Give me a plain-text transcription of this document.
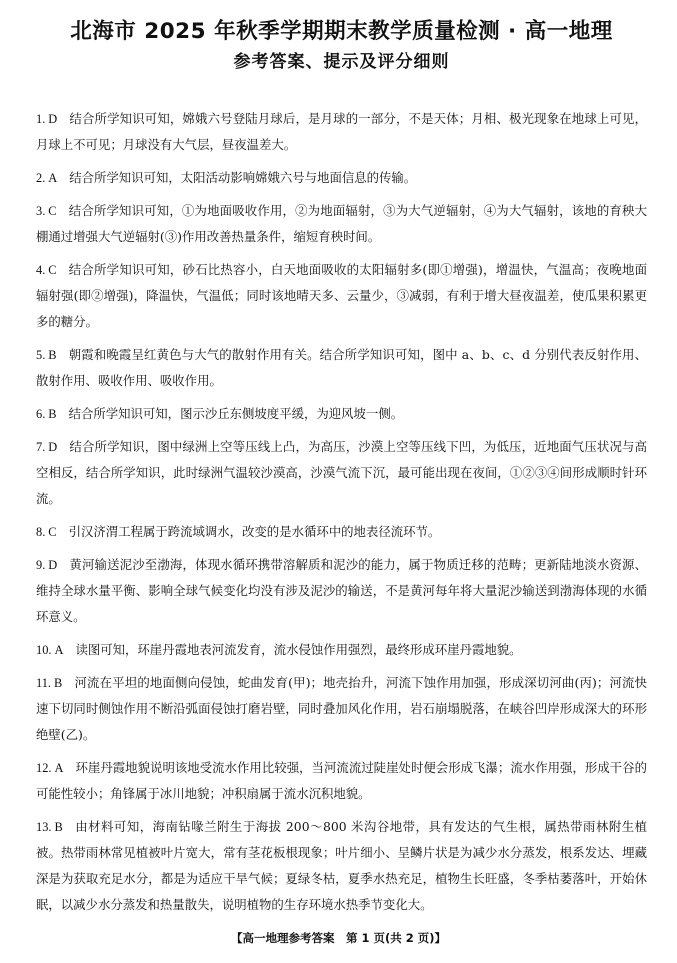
北海市 2025 年秋季学期期末教学质量检测 · 高一地理
参考答案、提示及评分细则

1. D 结合所学知识可知，嫦娥六号登陆月球后，是月球的一部分，不是天体；月相、极光现象在地球上可见，月球上不可见；月球没有大气层，昼夜温差大。

2. A 结合所学知识可知，太阳活动影响嫦娥六号与地面信息的传输。

3. C 结合所学知识可知，①为地面吸收作用，②为地面辐射，③为大气逆辐射，④为大气辐射，该地的育秧大棚通过增强大气逆辐射(③)作用改善热量条件，缩短育秧时间。

4. C 结合所学知识可知，砂石比热容小，白天地面吸收的太阳辐射多(即①增强)，增温快，气温高；夜晚地面辐射强(即②增强)，降温快，气温低；同时该地晴天多、云量少，③减弱，有利于增大昼夜温差，使瓜果积累更多的糖分。

5. B 朝霞和晚霞呈红黄色与大气的散射作用有关。结合所学知识可知，图中 a、b、c、d 分别代表反射作用、散射作用、吸收作用、吸收作用。

6. B 结合所学知识可知，图示沙丘东侧坡度平缓，为迎风坡一侧。

7. D 结合所学知识，图中绿洲上空等压线上凸，为高压，沙漠上空等压线下凹，为低压，近地面气压状况与高空相反，结合所学知识，此时绿洲气温较沙漠高，沙漠气流下沉，最可能出现在夜间，①②③④间形成顺时针环流。

8. C 引汉济渭工程属于跨流域调水，改变的是水循环中的地表径流环节。

9. D 黄河输送泥沙至渤海，体现水循环携带溶解质和泥沙的能力，属于物质迁移的范畴；更新陆地淡水资源、维持全球水量平衡、影响全球气候变化均没有涉及泥沙的输送，不是黄河每年将大量泥沙输送到渤海体现的水循环意义。

10. A 读图可知，环崖丹霞地表河流发育，流水侵蚀作用强烈，最终形成环崖丹霞地貌。

11. B 河流在平坦的地面侧向侵蚀，蛇曲发育(甲)；地壳抬升，河流下蚀作用加强，形成深切河曲(丙)；河流快速下切同时侧蚀作用不断沿弧面侵蚀打磨岩壁，同时叠加风化作用，岩石崩塌脱落，在峡谷凹岸形成深大的环形绝壁(乙)。

12. A 环崖丹霞地貌说明该地受流水作用比较强，当河流流过陡崖处时便会形成飞瀑；流水作用强，形成干谷的可能性较小；角锋属于冰川地貌；冲积扇属于流水沉积地貌。

13. B 由材料可知，海南钻喙兰附生于海拔 200～800 米沟谷地带，具有发达的气生根，属热带雨林附生植被。热带雨林常见植被叶片宽大，常有茎花板根现象；叶片细小、呈鳞片状是为减少水分蒸发，根系发达、埋藏深是为获取充足水分，都是为适应干旱气候；夏绿冬枯，夏季水热充足，植物生长旺盛，冬季枯萎落叶，开始休眠，以减少水分蒸发和热量散失，说明植物的生存环境水热季节变化大。

【高一地理参考答案　第 1 页(共 2 页)】
